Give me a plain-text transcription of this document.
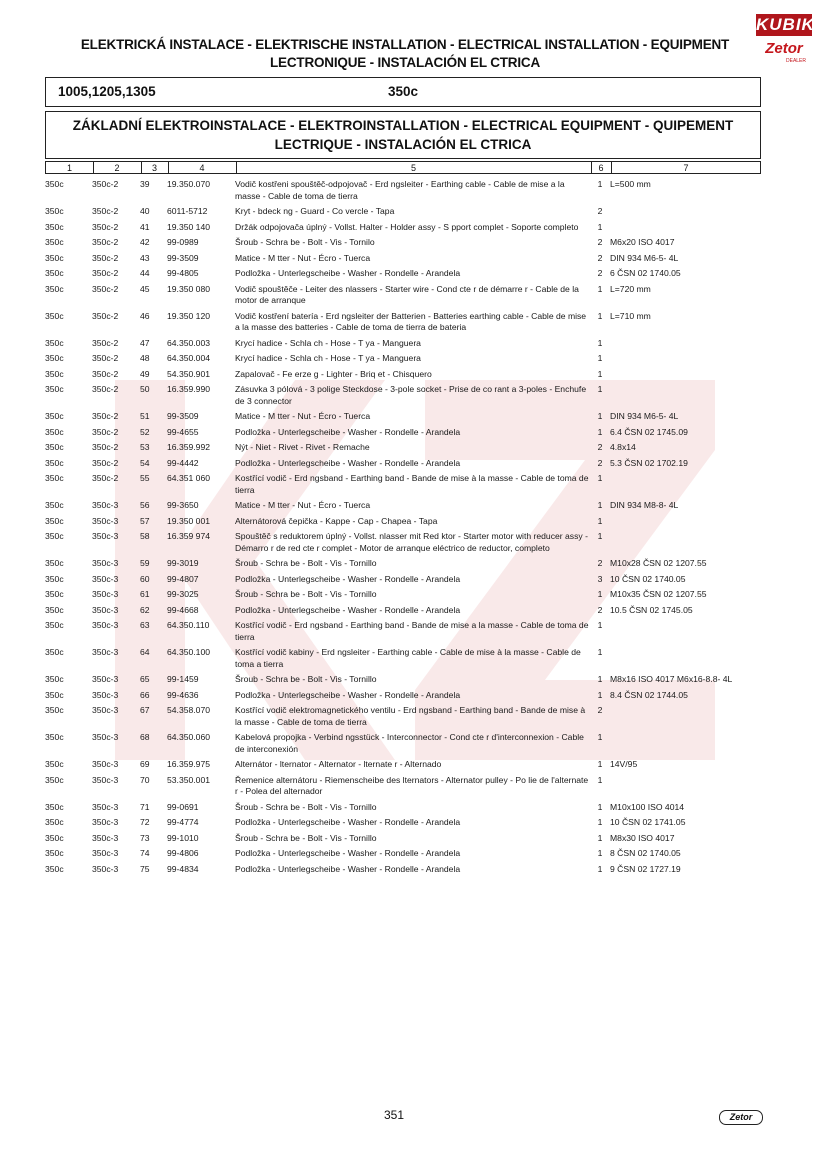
ELEKTRICKÁ INSTALACE - ELEKTRISCHE INSTALLATION - ELECTRICAL INSTALLATION - EQUIPMENT
LECTRONIQUE - INSTALACIÓN EL CTRICA
KUBIK
Zetor
DEALER
1005,1205,1305	350c
ZÁKLADNÍ ELEKTROINSTALACE - ELEKTROINSTALLATION - ELECTRICAL EQUIPMENT - QUIPEMENT
LECTRIQUE - INSTALACIÓN EL CTRICA
1	2	3	4	5	6	7
350c	350c-2	39	19.350.070	Vodič kostřeni spouštěč-odpojovač - Erd ngsleiter - Earthing cable - Cable de mise a la masse - Cable de toma de tierra	1	L=500 mm
350c	350c-2	40	6011-5712	Kryt - bdeck ng - Guard - Co vercle - Tapa	2	
350c	350c-2	41	19.350 140	Držák odpojovača úplný - Vollst. Halter - Holder assy - S pport complet - Soporte completo	1	
350c	350c-2	42	99-0989	Šroub - Schra be - Bolt - Vis - Tornilo	2	M6x20 ISO 4017
350c	350c-2	43	99-3509	Matice - M tter - Nut - Écro - Tuerca	2	DIN 934 M6-5- 4L
350c	350c-2	44	99-4805	Podložka - Unterlegscheibe - Washer - Rondelle - Arandela	2	6 ČSN 02 1740.05
350c	350c-2	45	19.350 080	Vodič spouštěče - Leiter des nlassers - Starter wire - Cond cte r de démarre r - Cable de la motor de arranque	1	L=720 mm
350c	350c-2	46	19.350 120	Vodič kostření batería - Erd ngsleiter der Batterien - Batteries earthing cable - Cable de mise a la masse des batteries - Cable de toma de tierra de bateria	1	L=710 mm
350c	350c-2	47	64.350.003	Krycí hadice - Schla ch - Hose - T ya - Manguera	1	
350c	350c-2	48	64.350.004	Krycí hadice - Schla ch - Hose - T ya - Manguera	1	
350c	350c-2	49	54.350.901	Zapalovač - Fe erze g - Lighter - Briq et - Chisquero	1	
350c	350c-2	50	16.359.990	Zásuvka 3 pólová - 3 polige Steckdose - 3-pole socket - Prise de co rant a 3-poles - Enchufe de 3 connector	1	
350c	350c-2	51	99-3509	Matice - M tter - Nut - Écro - Tuerca	1	DIN 934 M6-5- 4L
350c	350c-2	52	99-4655	Podložka - Unterlegscheibe - Washer - Rondelle - Arandela	1	6.4 ČSN 02 1745.09
350c	350c-2	53	16.359.992	Nýt - Niet - Rivet - Rivet - Remache	2	4.8x14
350c	350c-2	54	99-4442	Podložka - Unterlegscheibe - Washer - Rondelle - Arandela	2	5.3 ČSN 02 1702.19
350c	350c-2	55	64.351 060	Kostřící vodič - Erd ngsband - Earthing band - Bande de mise à la masse - Cable de toma de tierra	1	
350c	350c-3	56	99-3650	Matice - M tter - Nut - Écro - Tuerca	1	DIN 934 M8-8- 4L
350c	350c-3	57	19.350 001	Alternátorová čepička - Kappe - Cap - Chapea - Tapa	1	
350c	350c-3	58	16.359 974	Spouštěč s reduktorem úplný - Vollst. nlasser mit Red ktor - Starter motor with reducer assy - Démarro r de red cte r complet - Motor de arranque eléctrico de reductor, completo	1	
350c	350c-3	59	99-3019	Šroub - Schra be - Bolt - Vis - Tornillo	2	M10x28 ČSN 02 1207.55
350c	350c-3	60	99-4807	Podložka - Unterlegscheibe - Washer - Rondelle - Arandela	3	10 ČSN 02 1740.05
350c	350c-3	61	99-3025	Šroub - Schra be - Bolt - Vis - Tornillo	1	M10x35 ČSN 02 1207.55
350c	350c-3	62	99-4668	Podložka - Unterlegscheibe - Washer - Rondelle - Arandela	2	10.5 ČSN 02 1745.05
350c	350c-3	63	64.350.110	Kostřící vodič - Erd ngsband - Earthing band - Bande de mise a la masse - Cable de toma de tierra	1	
350c	350c-3	64	64.350.100	Kostřící vodič kabiny - Erd ngsleiter - Earthing cable - Cable de mise à la masse - Cable de toma a tierra	1	
350c	350c-3	65	99-1459	Šroub - Schra be - Bolt - Vis - Tornillo	1	M8x16 ISO 4017 M6x16-8.8- 4L
350c	350c-3	66	99-4636	Podložka - Unterlegscheibe - Washer - Rondelle - Arandela	1	8.4 ČSN 02 1744.05
350c	350c-3	67	54.358.070	Kostřící vodič elektromagnetického ventilu - Erd ngsband - Earthing band - Bande de mise à la masse - Cable de toma de tierra	2	
350c	350c-3	68	64.350.060	Kabelová propojka - Verbind ngsstück - Interconnector - Cond cte r d'interconnexion - Cable de interconexión	1	
350c	350c-3	69	16.359.975	Alternátor - lternator - Alternator - lternate r - Alternado	1	14V/95
350c	350c-3	70	53.350.001	Řemenice alternátoru - Riemenscheibe des lternators - Alternator pulley - Po lie de l'alternate r - Polea del alternador	1	
350c	350c-3	71	99-0691	Šroub - Schra be - Bolt - Vis - Tornillo	1	M10x100 ISO 4014
350c	350c-3	72	99-4774	Podložka - Unterlegscheibe - Washer - Rondelle - Arandela	1	10 ČSN 02 1741.05
350c	350c-3	73	99-1010	Šroub - Schra be - Bolt - Vis - Tornillo	1	M8x30 ISO 4017
350c	350c-3	74	99-4806	Podložka - Unterlegscheibe - Washer - Rondelle - Arandela	1	8 ČSN 02 1740.05
350c	350c-3	75	99-4834	Podložka - Unterlegscheibe - Washer - Rondelle - Arandela	1	9 ČSN 02 1727.19
351	Zetor
